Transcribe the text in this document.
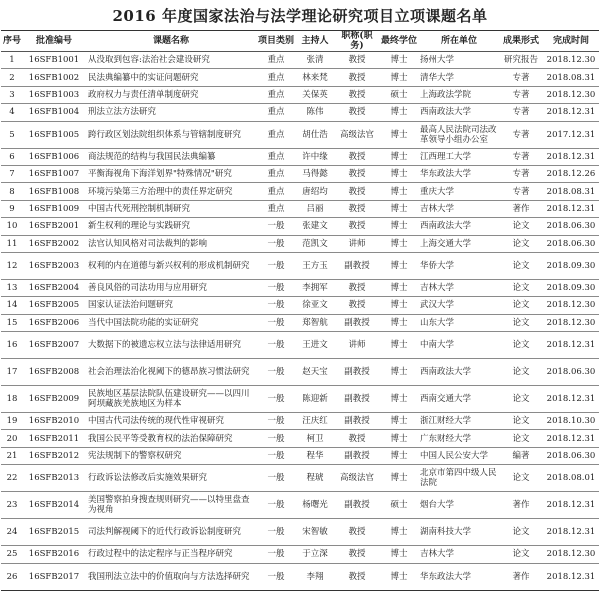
2016 年度国家法治与法学理论研究项目立项课题名单
序号	批准编号	课题名称	项目类别	主持人	职称(职务)	最终学位	所在单位	成果形式	完成时间
1	16SFB1001	从没取到包容:法治社会建设研究	重点	张清	教授	博士	扬州大学	研究报告	2018.12.30
2	16SFB1002	民法典编纂中的实证问题研究	重点	林来梵	教授	博士	清华大学	专著	2018.08.31
3	16SFB1003	政府权力与责任清单制度研究	重点	关保英	教授	硕士	上海政法学院	专著	2018.12.30
4	16SFB1004	刑法立法方法研究	重点	陈伟	教授	博士	西南政法大学	专著	2018.12.31
5	16SFB1005	跨行政区划法院组织体系与管辖制度研究	重点	胡仕浩	高级法官	博士	最高人民法院司法改革领导小组办公室	专著	2017.12.31
6	16SFB1006	商法规范的结构与我国民法典编纂	重点	许中缘	教授	博士	江西理工大学	专著	2018.12.31
7	16SFB1007	平衡海视角下海洋划界"特殊情况"研究	重点	马得懿	教授	博士	华东政法大学	专著	2018.12.26
8	16SFB1008	环境污染第三方治理中的责任界定研究	重点	唐绍均	教授	博士	重庆大学	专著	2018.08.31
9	16SFB1009	中国古代死刑控制机制研究	重点	吕丽	教授	博士	吉林大学	著作	2018.12.31
10	16SFB2001	新生权利的理论与实践研究	一般	张建文	教授	博士	西南政法大学	论文	2018.06.30
11	16SFB2002	法官认知风格对司法裁判的影响	一般	范凯文	讲师	博士	上海交通大学	论文	2018.06.30
12	16SFB2003	权利的内在道德与新兴权利的形成机制研究	一般	王方玉	副教授	博士	华侨大学	论文	2018.09.30
13	16SFB2004	善良风俗的司法功用与应用研究	一般	李拥军	教授	博士	吉林大学	论文	2018.09.30
14	16SFB2005	国家认证法治问题研究	一般	徐亚文	教授	博士	武汉大学	论文	2018.12.30
15	16SFB2006	当代中国法院功能的实证研究	一般	郑智航	副教授	博士	山东大学	论文	2018.12.30
16	16SFB2007	大数据下的被遗忘权立法与法律适用研究	一般	王进文	讲师	博士	中南大学	论文	2018.12.31
17	16SFB2008	社会治理法治化视阈下的德昂族习惯法研究	一般	赵天宝	副教授	博士	西南政法大学	论文	2018.06.30
18	16SFB2009	民族地区基层法院队伍建设研究——以四川阿坝藏族羌族地区为样本	一般	陈迎新	副教授	博士	西南交通大学	论文	2018.12.31
19	16SFB2010	中国古代司法传统的现代性审视研究	一般	汪庆红	副教授	博士	浙江财经大学	论文	2018.10.30
20	16SFB2011	我国公民平等受教育权的法治保障研究	一般	柯卫	教授	博士	广东财经大学	论文	2018.12.31
21	16SFB2012	宪法规制下的警察权研究	一般	程华	副教授	博士	中国人民公安大学	编著	2018.06.30
22	16SFB2013	行政诉讼法修改后实施效果研究	一般	程琥	高级法官	博士	北京市第四中级人民法院	论文	2018.08.01
23	16SFB2014	美国警察拍身搜查规则研究——以特里盘查为视角	一般	杨曙光	副教授	硕士	烟台大学	著作	2018.12.31
24	16SFB2015	司法判解视阈下的近代行政诉讼制度研究	一般	宋智敏	教授	博士	湖南科技大学	论文	2018.12.31
25	16SFB2016	行政过程中的法定程序与正当程序研究	一般	于立深	教授	博士	吉林大学	论文	2018.12.30
26	16SFB2017	我国刑法立法中的价值取向与方法选择研究	一般	李翔	教授	博士	华东政法大学	著作	2018.12.31
